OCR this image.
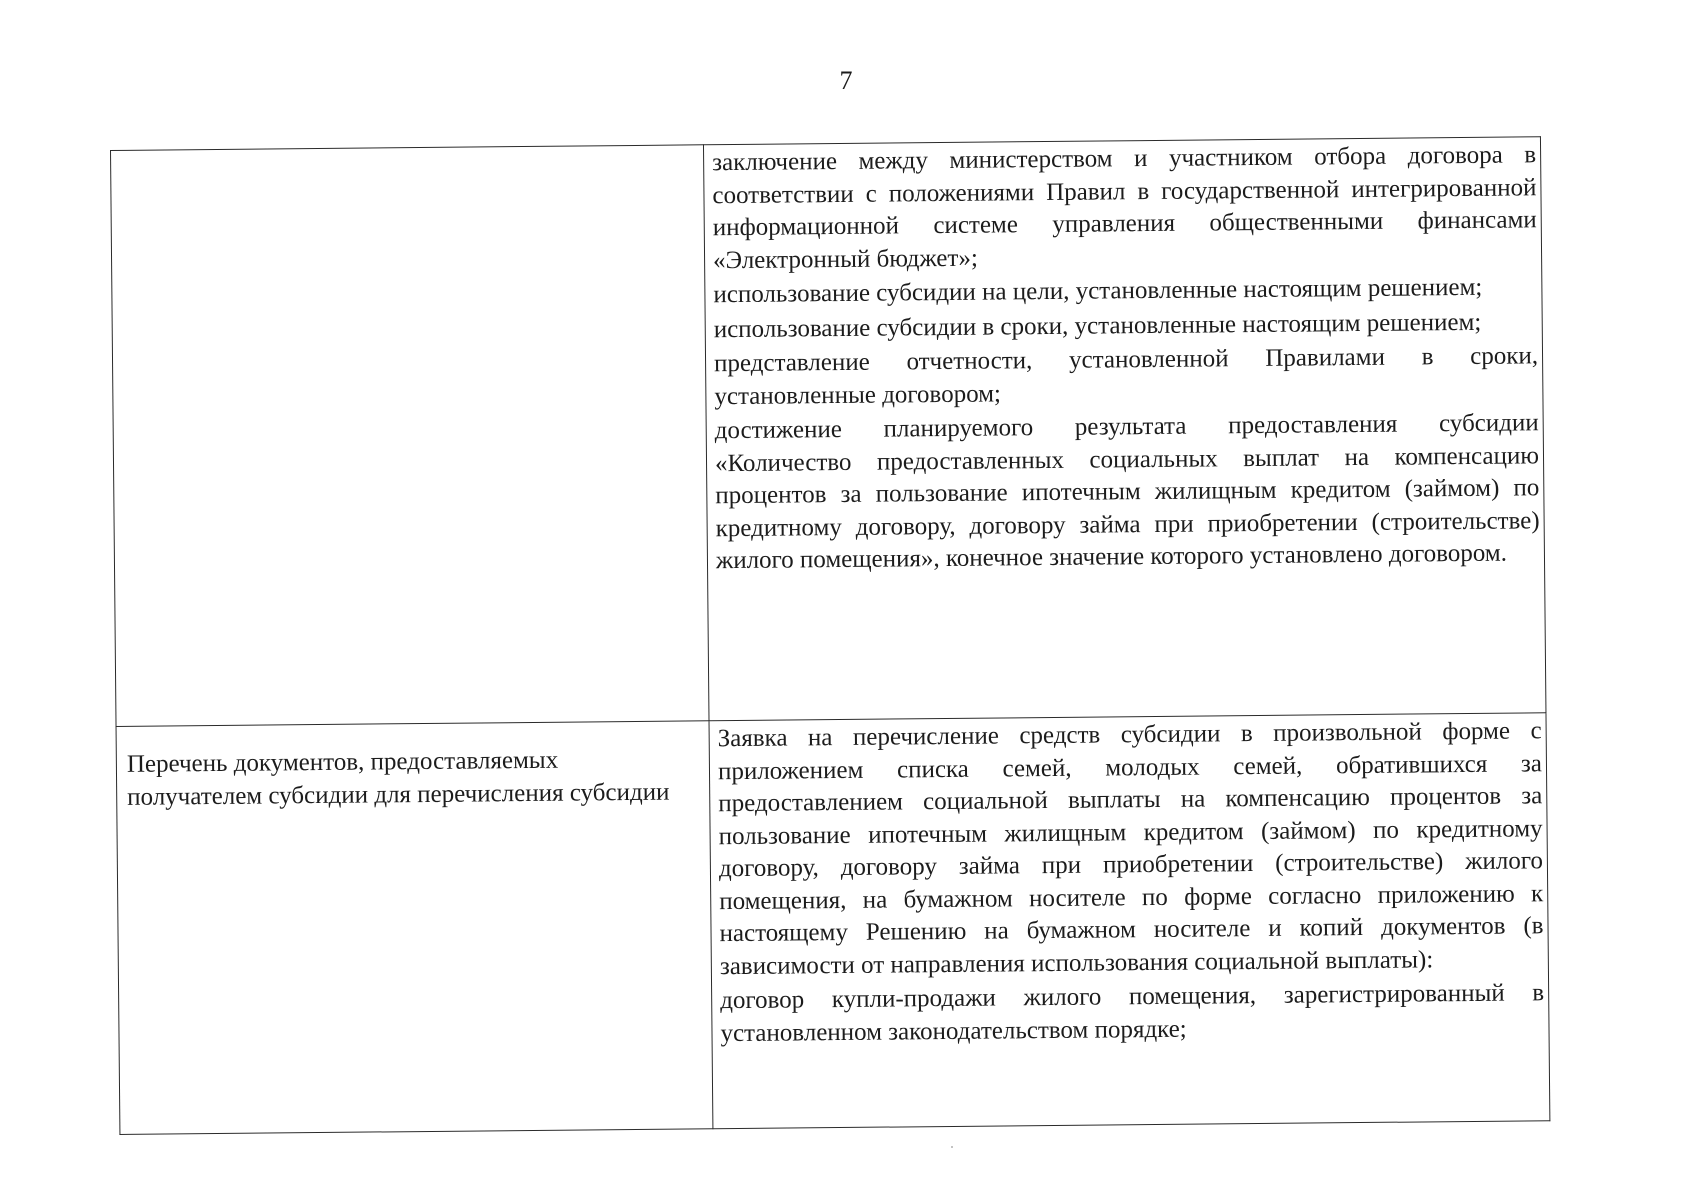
7

	заключение между министерством и участником отбора договора в соответствии с положениями Правил в государственной интегрированной информационной системе управления общественными финансами «Электронный бюджет»;

использование субсидии на цели, установленные настоящим решением;

использование субсидии в сроки, установленные настоящим решением;

представление отчетности, установленной Правилами в сроки, установленные договором;

достижение планируемого результата предоставления субсидии «Количество предоставленных социальных выплат на компенсацию процентов за пользование ипотечным жилищным кредитом (займом) по кредитному договору, договору займа при приобретении (строительстве) жилого помещения», конечное значение которого установлено договором.

Перечень документов, предоставляемых получателем субсидии для перечисления субсидии	Заявка на перечисление средств субсидии в произвольной форме с приложением списка семей, молодых семей, обратившихся за предоставлением социальной выплаты на компенсацию процентов за пользование ипотечным жилищным кредитом (займом) по кредитному договору, договору займа при приобретении (строительстве) жилого помещения, на бумажном носителе по форме согласно приложению к настоящему Решению на бумажном носителе и копий документов (в зависимости от направления использования социальной выплаты):

договор купли-продажи жилого помещения, зарегистрированный в установленном законодательством порядке;
